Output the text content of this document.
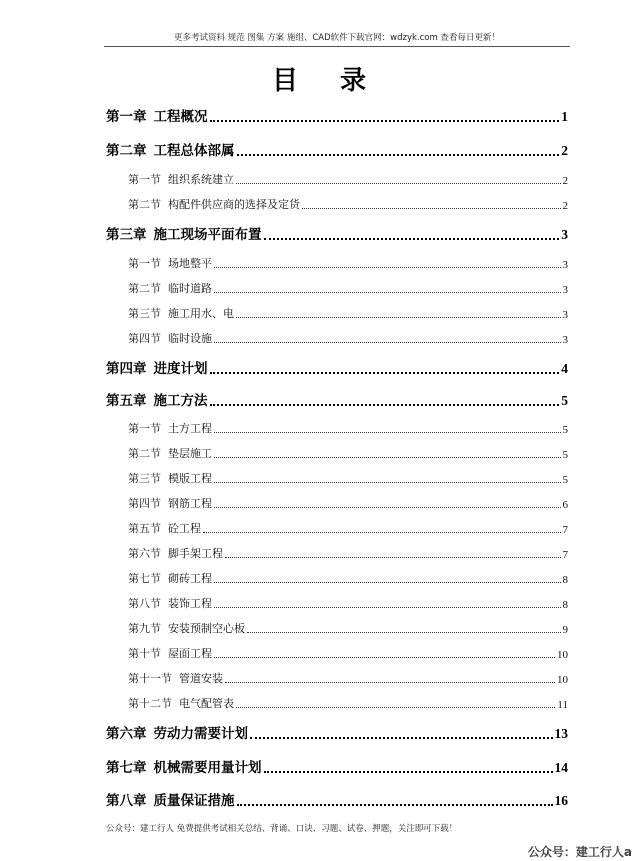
更多考试资料 规范 图集 方案 施组、CAD软件下载官网：wdzyk.com 查看每日更新！
目录
第一章 工程概况	1
第二章 工程总体部属	2
第一节 组织系统建立	2
第二节 构配件供应商的选择及定货	2
第三章 施工现场平面布置	3
第一节 场地整平	3
第二节 临时道路	3
第三节 施工用水、电	3
第四节 临时设施	3
第四章 进度计划	4
第五章 施工方法	5
第一节 土方工程	5
第二节 垫层施工	5
第三节 模版工程	5
第四节 钢筋工程	6
第五节 砼工程	7
第六节 脚手架工程	7
第七节 砌砖工程	8
第八节 装饰工程	8
第九节 安装预制空心板	9
第十节 屋面工程	10
第十一节 管道安装	10
第十二节 电气配管表	11
第六章 劳动力需要计划	13
第七章 机械需要用量计划	14
第八章 质量保证措施	16
公众号：建工行人 免费提供考试相关总结、背诵、口诀、习题、试卷、押题，关注即可下载！
公众号：建工行人a
